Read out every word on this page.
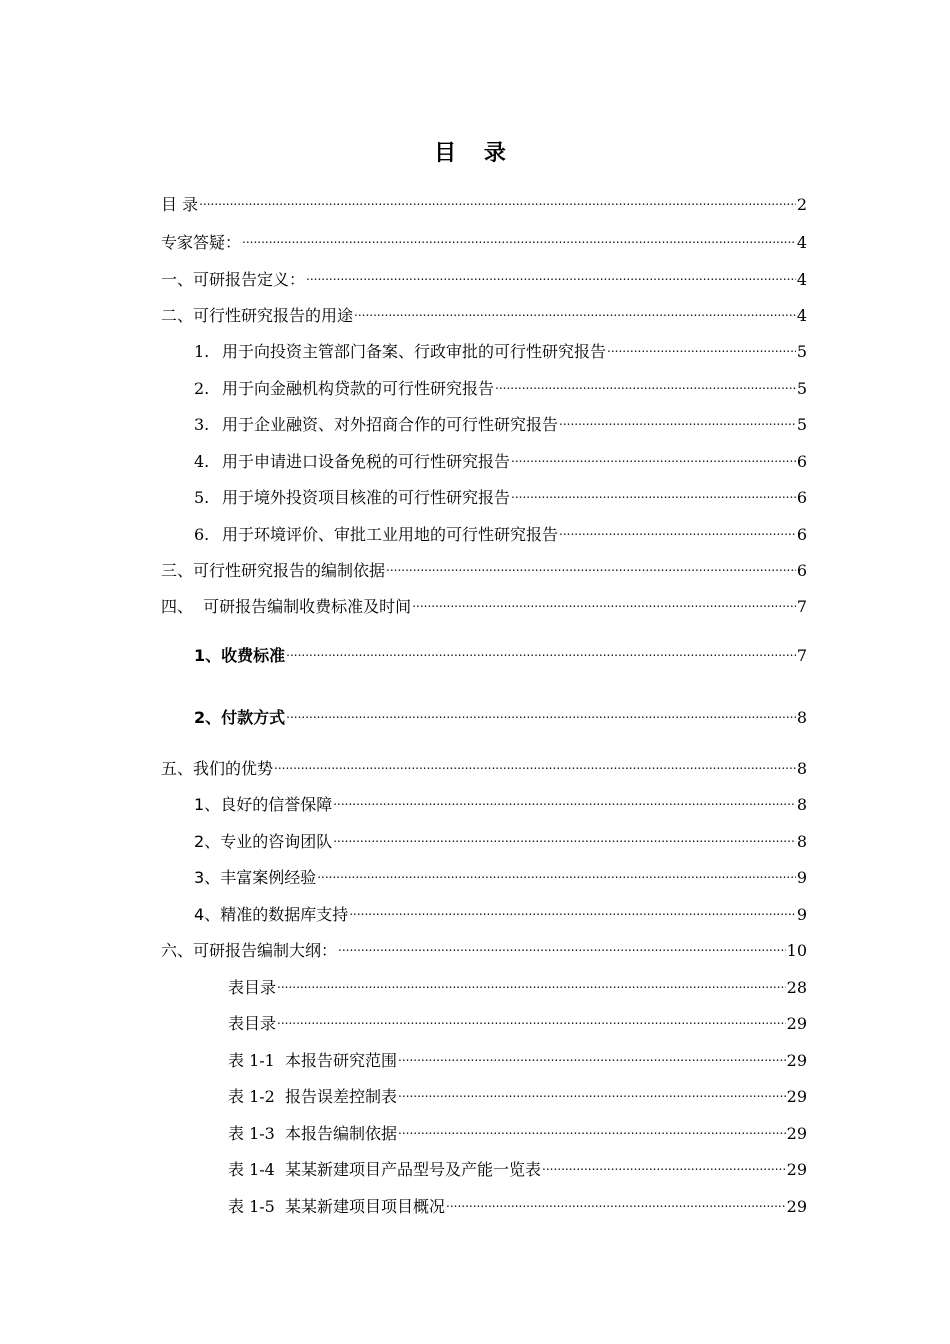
目 录
目 录 .....	2
专家答疑： .....	4
一、可研报告定义： .....	4
二、可行性研究报告的用途 .....	4
1. 用于向投资主管部门备案、行政审批的可行性研究报告 .....	5
2. 用于向金融机构贷款的可行性研究报告 .....	5
3. 用于企业融资、对外招商合作的可行性研究报告 .....	5
4. 用于申请进口设备免税的可行性研究报告 .....	6
5. 用于境外投资项目核准的可行性研究报告 .....	6
6. 用于环境评价、审批工业用地的可行性研究报告 .....	6
三、可行性研究报告的编制依据 .....	6
四、  可研报告编制收费标准及时间 .....	7
1、收费标准 .....	7
2、付款方式 .....	8
五、我们的优势 .....	8
1、良好的信誉保障 .....	8
2、专业的咨询团队 .....	8
3、丰富案例经验 .....	9
4、精准的数据库支持 .....	9
六、可研报告编制大纲： .....	10
表目录 .....	28
表目录 .....	29
表 1-1  本报告研究范围 .....	29
表 1-2  报告误差控制表 .....	29
表 1-3  本报告编制依据 .....	29
表 1-4  某某新建项目产品型号及产能一览表 .....	29
表 1-5  某某新建项目项目概况 .....	29
